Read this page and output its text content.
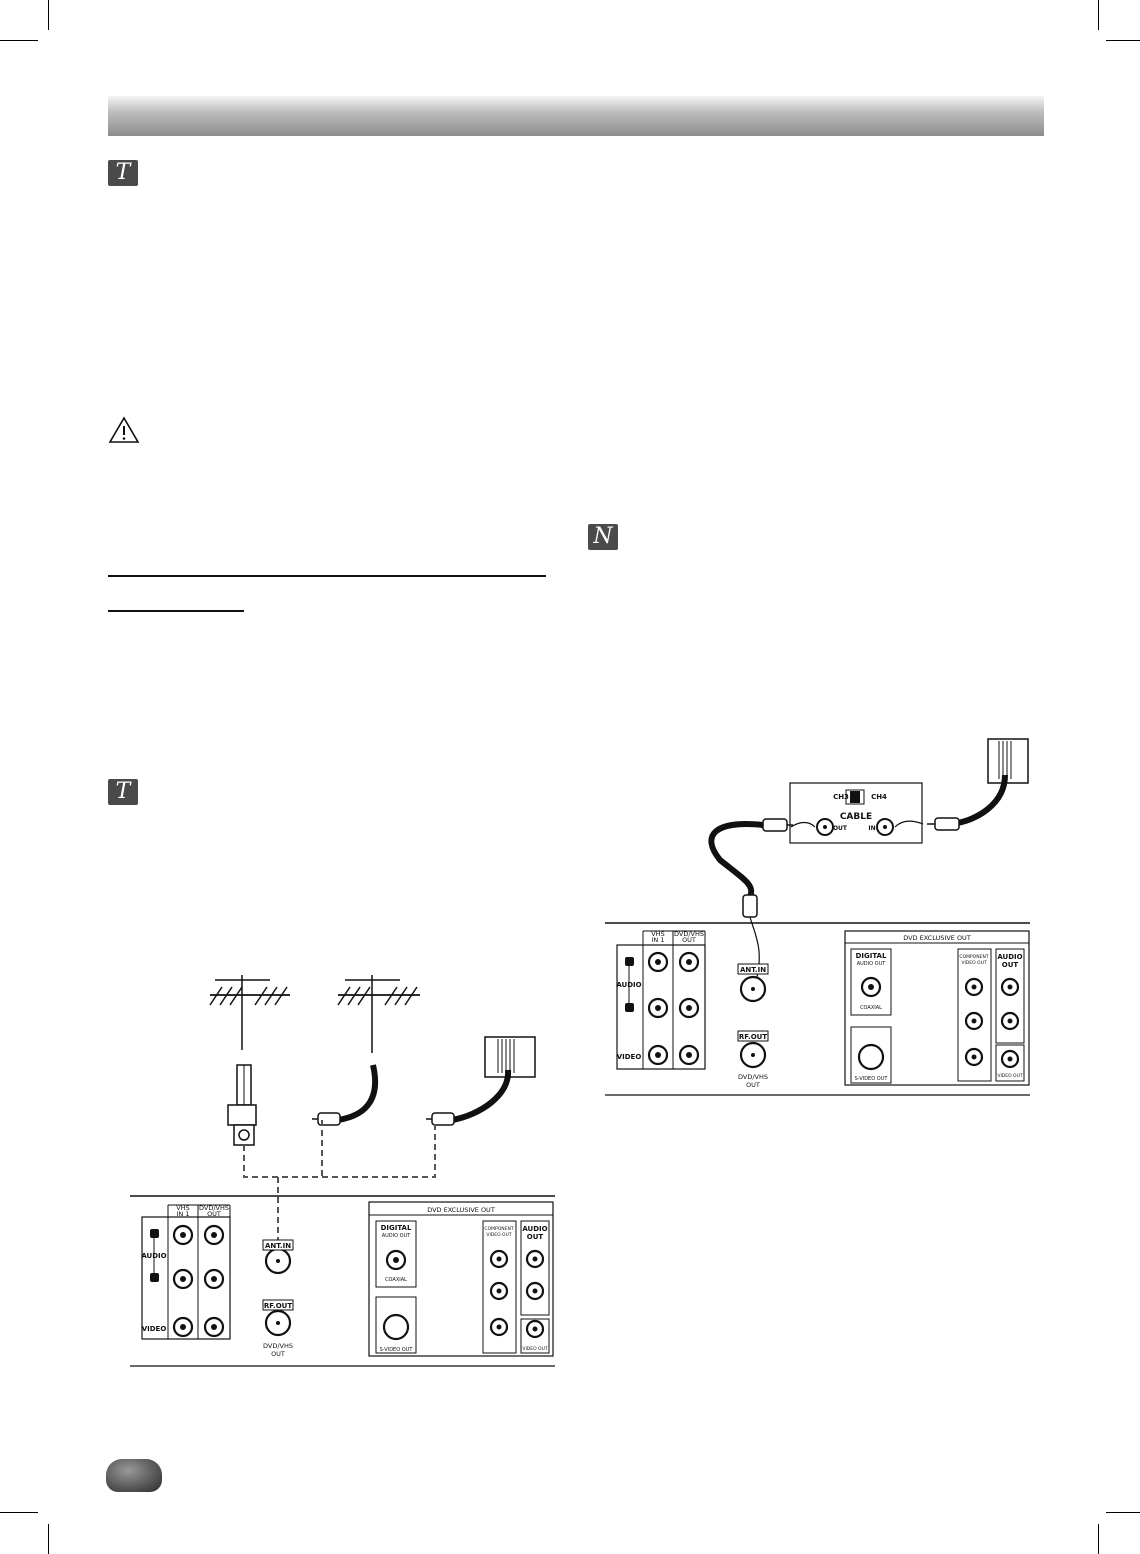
T
T
N
VHS
IN 1
DVD/VHS
OUT
AUDIO
VIDEO
ANT.IN
RF.OUT
DVD/VHS
OUT
DVD EXCLUSIVE OUT
DIGITAL
AUDIO OUT
COAXIAL
S-VIDEO OUT
COMPONENT
VIDEO OUT
AUDIO
OUT
VIDEO OUT
CH3	CH4
CABLE
OUT	IN
VHS
IN 1
DVD/VHS
OUT
AUDIO
VIDEO
ANT.IN
RF.OUT
DVD/VHS
OUT
DVD EXCLUSIVE OUT
DIGITAL
AUDIO OUT
COAXIAL
S-VIDEO OUT
COMPONENT
VIDEO OUT
AUDIO
OUT
VIDEO OUT
